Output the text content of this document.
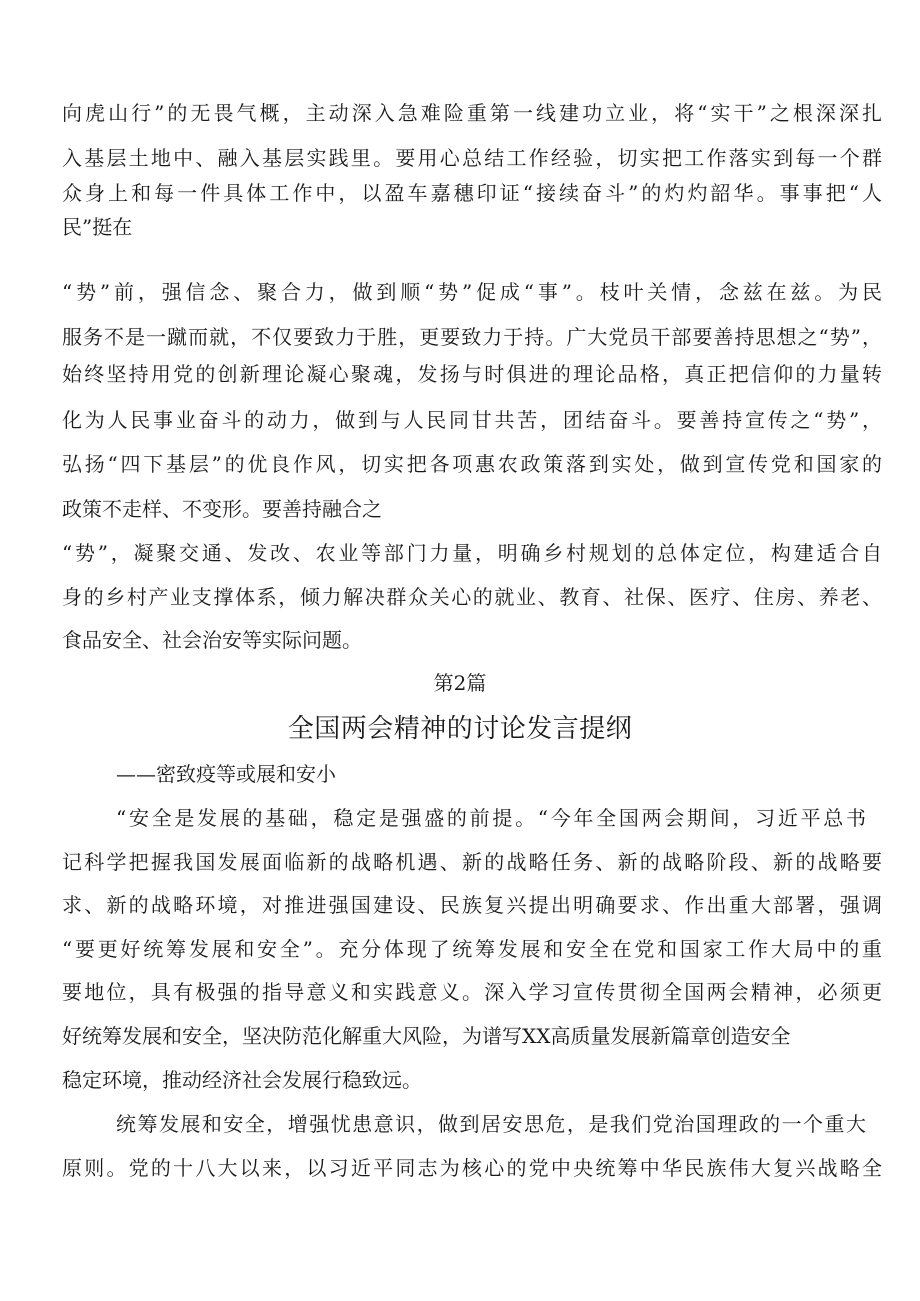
向虎山行”的无畏气概，主动深入急难险重第一线建功立业，将“实干”之根深深扎
入基层土地中、融入基层实践里。要用心总结工作经验，切实把工作落实到每一个群
众身上和每一件具体工作中，以盈车嘉穗印证“接续奋斗”的灼灼韶华。事事把“人
民”挺在
“势”前，强信念、聚合力，做到顺“势”促成“事”。枝叶关情，念兹在兹。为民
服务不是一蹴而就，不仅要致力于胜，更要致力于持。广大党员干部要善持思想之“势”，
始终坚持用党的创新理论凝心聚魂，发扬与时俱进的理论品格，真正把信仰的力量转
化为人民事业奋斗的动力，做到与人民同甘共苦，团结奋斗。要善持宣传之“势”，
弘扬“四下基层”的优良作风，切实把各项惠农政策落到实处，做到宣传党和国家的
政策不走样、不变形。要善持融合之
“势”，凝聚交通、发改、农业等部门力量，明确乡村规划的总体定位，构建适合自
身的乡村产业支撑体系，倾力解决群众关心的就业、教育、社保、医疗、住房、养老、
食品安全、社会治安等实际问题。
第2篇
全国两会精神的讨论发言提纲
——密致疫等或展和安小
“安全是发展的基础，稳定是强盛的前提。“今年全国两会期间，习近平总书
记科学把握我国发展面临新的战略机遇、新的战略任务、新的战略阶段、新的战略要
求、新的战略环境，对推进强国建设、民族复兴提出明确要求、作出重大部署，强调
“要更好统筹发展和安全”。充分体现了统筹发展和安全在党和国家工作大局中的重
要地位，具有极强的指导意义和实践意义。深入学习宣传贯彻全国两会精神，必须更
好统筹发展和安全，坚决防范化解重大风险，为谱写XX高质量发展新篇章创造安全
稳定环境，推动经济社会发展行稳致远。
统筹发展和安全，增强忧患意识，做到居安思危，是我们党治国理政的一个重大
原则。党的十八大以来，以习近平同志为核心的党中央统筹中华民族伟大复兴战略全
